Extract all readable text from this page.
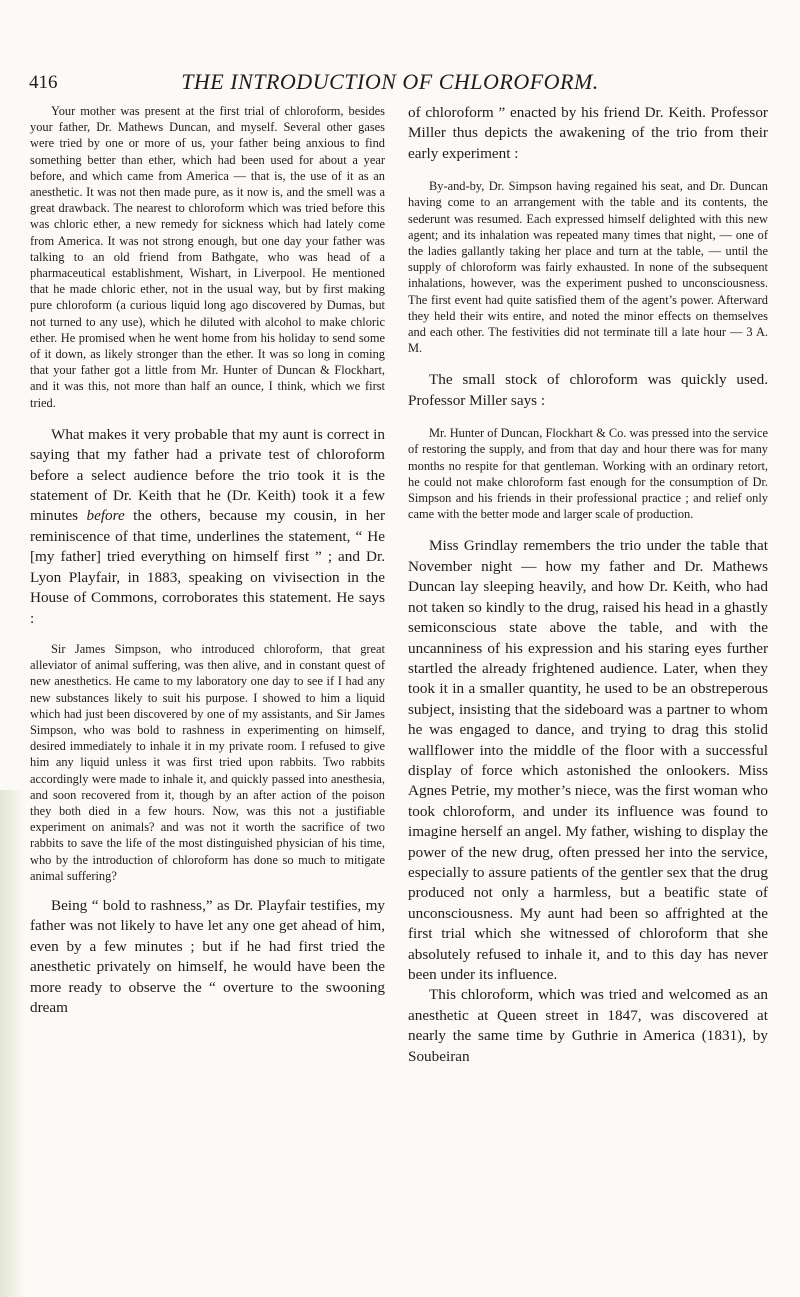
416	THE INTRODUCTION OF CHLOROFORM.

Your mother was present at the first trial of chloroform, besides your father, Dr. Mathews Duncan, and myself. Several other gases were tried by one or more of us, your father being anxious to find something better than ether, which had been used for about a year before, and which came from America — that is, the use of it as an anesthetic. It was not then made pure, as it now is, and the smell was a great drawback. The nearest to chloroform which was tried before this was chloric ether, a new remedy for sickness which had lately come from America. It was not strong enough, but one day your father was talking to an old friend from Bathgate, who was head of a pharmaceutical establishment, Wishart, in Liverpool. He mentioned that he made chloric ether, not in the usual way, but by first making pure chloroform (a curious liquid long ago discovered by Dumas, but not turned to any use), which he diluted with alcohol to make chloric ether. He promised when he went home from his holiday to send some of it down, as likely stronger than the ether. It was so long in coming that your father got a little from Mr. Hunter of Duncan & Flockhart, and it was this, not more than half an ounce, I think, which we first tried.

What makes it very probable that my aunt is correct in saying that my father had a private test of chloroform before a select audience before the trio took it is the statement of Dr. Keith that he (Dr. Keith) took it a few minutes before the others, because my cousin, in her reminiscence of that time, underlines the statement, “ He [my father] tried everything on himself first ” ; and Dr. Lyon Playfair, in 1883, speaking on vivisection in the House of Commons, corroborates this statement. He says :

Sir James Simpson, who introduced chloroform, that great alleviator of animal suffering, was then alive, and in constant quest of new anesthetics. He came to my laboratory one day to see if I had any new substances likely to suit his purpose. I showed to him a liquid which had just been discovered by one of my assistants, and Sir James Simpson, who was bold to rashness in experimenting on himself, desired immediately to inhale it in my private room. I refused to give him any liquid unless it was first tried upon rabbits. Two rabbits accordingly were made to inhale it, and quickly passed into anesthesia, and soon recovered from it, though by an after action of the poison they both died in a few hours. Now, was this not a justifiable experiment on animals? and was not it worth the sacrifice of two rabbits to save the life of the most distinguished physician of his time, who by the introduction of chloroform has done so much to mitigate animal suffering?

Being “ bold to rashness,” as Dr. Playfair testifies, my father was not likely to have let any one get ahead of him, even by a few minutes ; but if he had first tried the anesthetic privately on himself, he would have been the more ready to observe the “ overture to the swooning dream

of chloroform ” enacted by his friend Dr. Keith. Professor Miller thus depicts the awakening of the trio from their early experiment :

By-and-by, Dr. Simpson having regained his seat, and Dr. Duncan having come to an arrangement with the table and its contents, the sederunt was resumed. Each expressed himself delighted with this new agent; and its inhalation was repeated many times that night, — one of the ladies gallantly taking her place and turn at the table, — until the supply of chloroform was fairly exhausted. In none of the subsequent inhalations, however, was the experiment pushed to unconsciousness. The first event had quite satisfied them of the agent’s power. Afterward they held their wits entire, and noted the minor effects on themselves and each other. The festivities did not terminate till a late hour — 3 A. M.

The small stock of chloroform was quickly used. Professor Miller says :

Mr. Hunter of Duncan, Flockhart & Co. was pressed into the service of restoring the supply, and from that day and hour there was for many months no respite for that gentleman. Working with an ordinary retort, he could not make chloroform fast enough for the consumption of Dr. Simpson and his friends in their professional practice ; and relief only came with the better mode and larger scale of production.

Miss Grindlay remembers the trio under the table that November night — how my father and Dr. Mathews Duncan lay sleeping heavily, and how Dr. Keith, who had not taken so kindly to the drug, raised his head in a ghastly semiconscious state above the table, and with the uncanniness of his expression and his staring eyes further startled the already frightened audience. Later, when they took it in a smaller quantity, he used to be an obstreperous subject, insisting that the sideboard was a partner to whom he was engaged to dance, and trying to drag this stolid wallflower into the middle of the floor with a successful display of force which astonished the onlookers. Miss Agnes Petrie, my mother’s niece, was the first woman who took chloroform, and under its influence was found to imagine herself an angel. My father, wishing to display the power of the new drug, often pressed her into the service, especially to assure patients of the gentler sex that the drug produced not only a harmless, but a beatific state of unconsciousness. My aunt had been so affrighted at the first trial which she witnessed of chloroform that she absolutely refused to inhale it, and to this day has never been under its influence.

This chloroform, which was tried and welcomed as an anesthetic at Queen street in 1847, was discovered at nearly the same time by Guthrie in America (1831), by Soubeiran
